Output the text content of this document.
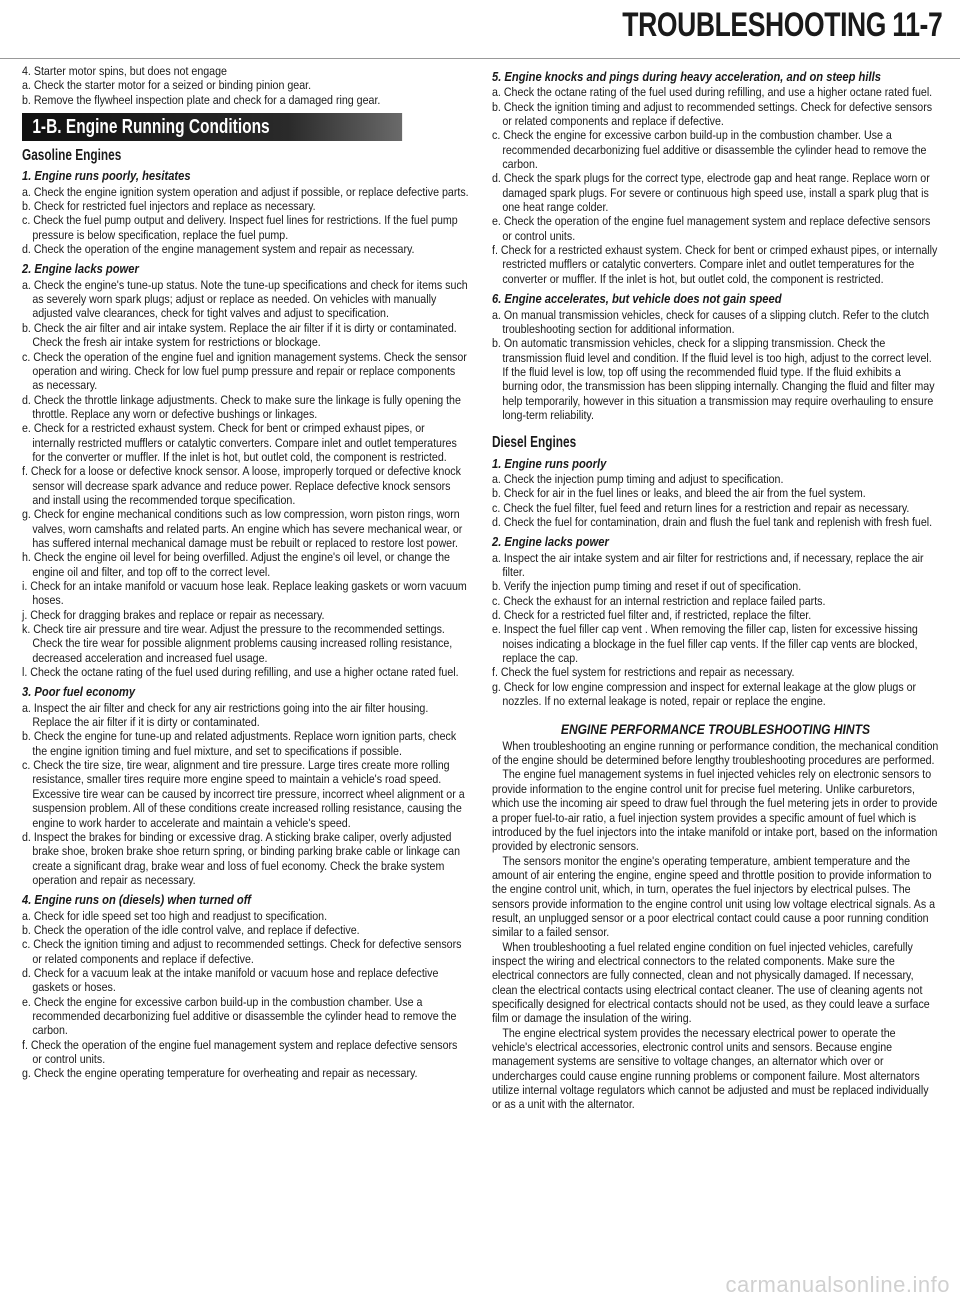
TROUBLESHOOTING 11-7

4. Starter motor spins, but does not engage

a. Check the starter motor for a seized or binding pinion gear.

b. Remove the flywheel inspection plate and check for a damaged ring gear.

1-B. Engine Running Conditions
Gasoline Engines
1. Engine runs poorly, hesitates

a. Check the engine ignition system operation and adjust if possible, or replace defective parts.

b. Check for restricted fuel injectors and replace as necessary.

c. Check the fuel pump output and delivery. Inspect fuel lines for restrictions. If the fuel pump pressure is below specification, replace the fuel pump.

d. Check the operation of the engine management system and repair as necessary.

2. Engine lacks power

a. Check the engine's tune-up status. Note the tune-up specifications and check for items such as severely worn spark plugs; adjust or replace as needed. On vehicles with manually adjusted valve clearances, check for tight valves and adjust to specification.

b. Check the air filter and air intake system. Replace the air filter if it is dirty or contaminated. Check the fresh air intake system for restrictions or blockage.

c. Check the operation of the engine fuel and ignition management systems. Check the sensor operation and wiring. Check for low fuel pump pressure and repair or replace components as necessary.

d. Check the throttle linkage adjustments. Check to make sure the linkage is fully opening the throttle. Replace any worn or defective bushings or linkages.

e. Check for a restricted exhaust system. Check for bent or crimped exhaust pipes, or internally restricted mufflers or catalytic converters. Compare inlet and outlet temperatures for the converter or muffler. If the inlet is hot, but outlet cold, the component is restricted.

f. Check for a loose or defective knock sensor. A loose, improperly torqued or defective knock sensor will decrease spark advance and reduce power. Replace defective knock sensors and install using the recommended torque specification.

g. Check for engine mechanical conditions such as low compression, worn piston rings, worn valves, worn camshafts and related parts. An engine which has severe mechanical wear, or has suffered internal mechanical damage must be rebuilt or replaced to restore lost power.

h. Check the engine oil level for being overfilled. Adjust the engine's oil level, or change the engine oil and filter, and top off to the correct level.

i. Check for an intake manifold or vacuum hose leak. Replace leaking gaskets or worn vacuum hoses.

j. Check for dragging brakes and replace or repair as necessary.

k. Check tire air pressure and tire wear. Adjust the pressure to the recommended settings. Check the tire wear for possible alignment problems causing increased rolling resistance, decreased acceleration and increased fuel usage.

l. Check the octane rating of the fuel used during refilling, and use a higher octane rated fuel.

3. Poor fuel economy

a. Inspect the air filter and check for any air restrictions going into the air filter housing. Replace the air filter if it is dirty or contaminated.

b. Check the engine for tune-up and related adjustments. Replace worn ignition parts, check the engine ignition timing and fuel mixture, and set to specifications if possible.

c. Check the tire size, tire wear, alignment and tire pressure. Large tires create more rolling resistance, smaller tires require more engine speed to maintain a vehicle's road speed. Excessive tire wear can be caused by incorrect tire pressure, incorrect wheel alignment or a suspension problem. All of these conditions create increased rolling resistance, causing the engine to work harder to accelerate and maintain a vehicle's speed.

d. Inspect the brakes for binding or excessive drag. A sticking brake caliper, overly adjusted brake shoe, broken brake shoe return spring, or binding parking brake cable or linkage can create a significant drag, brake wear and loss of fuel economy. Check the brake system operation and repair as necessary.

4. Engine runs on (diesels) when turned off

a. Check for idle speed set too high and readjust to specification.

b. Check the operation of the idle control valve, and replace if defective.

c. Check the ignition timing and adjust to recommended settings. Check for defective sensors or related components and replace if defective.

d. Check for a vacuum leak at the intake manifold or vacuum hose and replace defective gaskets or hoses.

e. Check the engine for excessive carbon build-up in the combustion chamber. Use a recommended decarbonizing fuel additive or disassemble the cylinder head to remove the carbon.

f. Check the operation of the engine fuel management system and replace defective sensors or control units.

g. Check the engine operating temperature for overheating and repair as necessary.

5. Engine knocks and pings during heavy acceleration, and on steep hills

a. Check the octane rating of the fuel used during refilling, and use a higher octane rated fuel.

b. Check the ignition timing and adjust to recommended settings. Check for defective sensors or related components and replace if defective.

c. Check the engine for excessive carbon build-up in the combustion chamber. Use a recommended decarbonizing fuel additive or disassemble the cylinder head to remove the carbon.

d. Check the spark plugs for the correct type, electrode gap and heat range. Replace worn or damaged spark plugs. For severe or continuous high speed use, install a spark plug that is one heat range colder.

e. Check the operation of the engine fuel management system and replace defective sensors or control units.

f. Check for a restricted exhaust system. Check for bent or crimped exhaust pipes, or internally restricted mufflers or catalytic converters. Compare inlet and outlet temperatures for the converter or muffler. If the inlet is hot, but outlet cold, the component is restricted.

6. Engine accelerates, but vehicle does not gain speed

a. On manual transmission vehicles, check for causes of a slipping clutch. Refer to the clutch troubleshooting section for additional information.

b. On automatic transmission vehicles, check for a slipping transmission. Check the transmission fluid level and condition. If the fluid level is too high, adjust to the correct level. If the fluid level is low, top off using the recommended fluid type. If the fluid exhibits a burning odor, the transmission has been slipping internally. Changing the fluid and filter may help temporarily, however in this situation a transmission may require overhauling to ensure long-term reliability.

Diesel Engines
1. Engine runs poorly

a. Check the injection pump timing and adjust to specification.

b. Check for air in the fuel lines or leaks, and bleed the air from the fuel system.

c. Check the fuel filter, fuel feed and return lines for a restriction and repair as necessary.

d. Check the fuel for contamination, drain and flush the fuel tank and replenish with fresh fuel.

2. Engine lacks power

a. Inspect the air intake system and air filter for restrictions and, if necessary, replace the air filter.

b. Verify the injection pump timing and reset if out of specification.

c. Check the exhaust for an internal restriction and replace failed parts.

d. Check for a restricted fuel filter and, if restricted, replace the filter.

e. Inspect the fuel filler cap vent . When removing the filler cap, listen for excessive hissing noises indicating a blockage in the fuel filler cap vents. If the filler cap vents are blocked, replace the cap.

f. Check the fuel system for restrictions and repair as necessary.

g. Check for low engine compression and inspect for external leakage at the glow plugs or nozzles. If no external leakage is noted, repair or replace the engine.

ENGINE PERFORMANCE TROUBLESHOOTING HINTS

When troubleshooting an engine running or performance condition, the mechanical condition of the engine should be determined before lengthy troubleshooting procedures are performed.

The engine fuel management systems in fuel injected vehicles rely on electronic sensors to provide information to the engine control unit for precise fuel metering. Unlike carburetors, which use the incoming air speed to draw fuel through the fuel metering jets in order to provide a proper fuel-to-air ratio, a fuel injection system provides a specific amount of fuel which is introduced by the fuel injectors into the intake manifold or intake port, based on the information provided by electronic sensors.

The sensors monitor the engine's operating temperature, ambient temperature and the amount of air entering the engine, engine speed and throttle position to provide information to the engine control unit, which, in turn, operates the fuel injectors by electrical pulses. The sensors provide information to the engine control unit using low voltage electrical signals. As a result, an unplugged sensor or a poor electrical contact could cause a poor running condition similar to a failed sensor.

When troubleshooting a fuel related engine condition on fuel injected vehicles, carefully inspect the wiring and electrical connectors to the related components. Make sure the electrical connectors are fully connected, clean and not physically damaged. If necessary, clean the electrical contacts using electrical contact cleaner. The use of cleaning agents not specifically designed for electrical contacts should not be used, as they could leave a surface film or damage the insulation of the wiring.

The engine electrical system provides the necessary electrical power to operate the vehicle's electrical accessories, electronic control units and sensors. Because engine management systems are sensitive to voltage changes, an alternator which over or undercharges could cause engine running problems or component failure. Most alternators utilize internal voltage regulators which cannot be adjusted and must be replaced individually or as a unit with the alternator.

carmanualsonline.info
